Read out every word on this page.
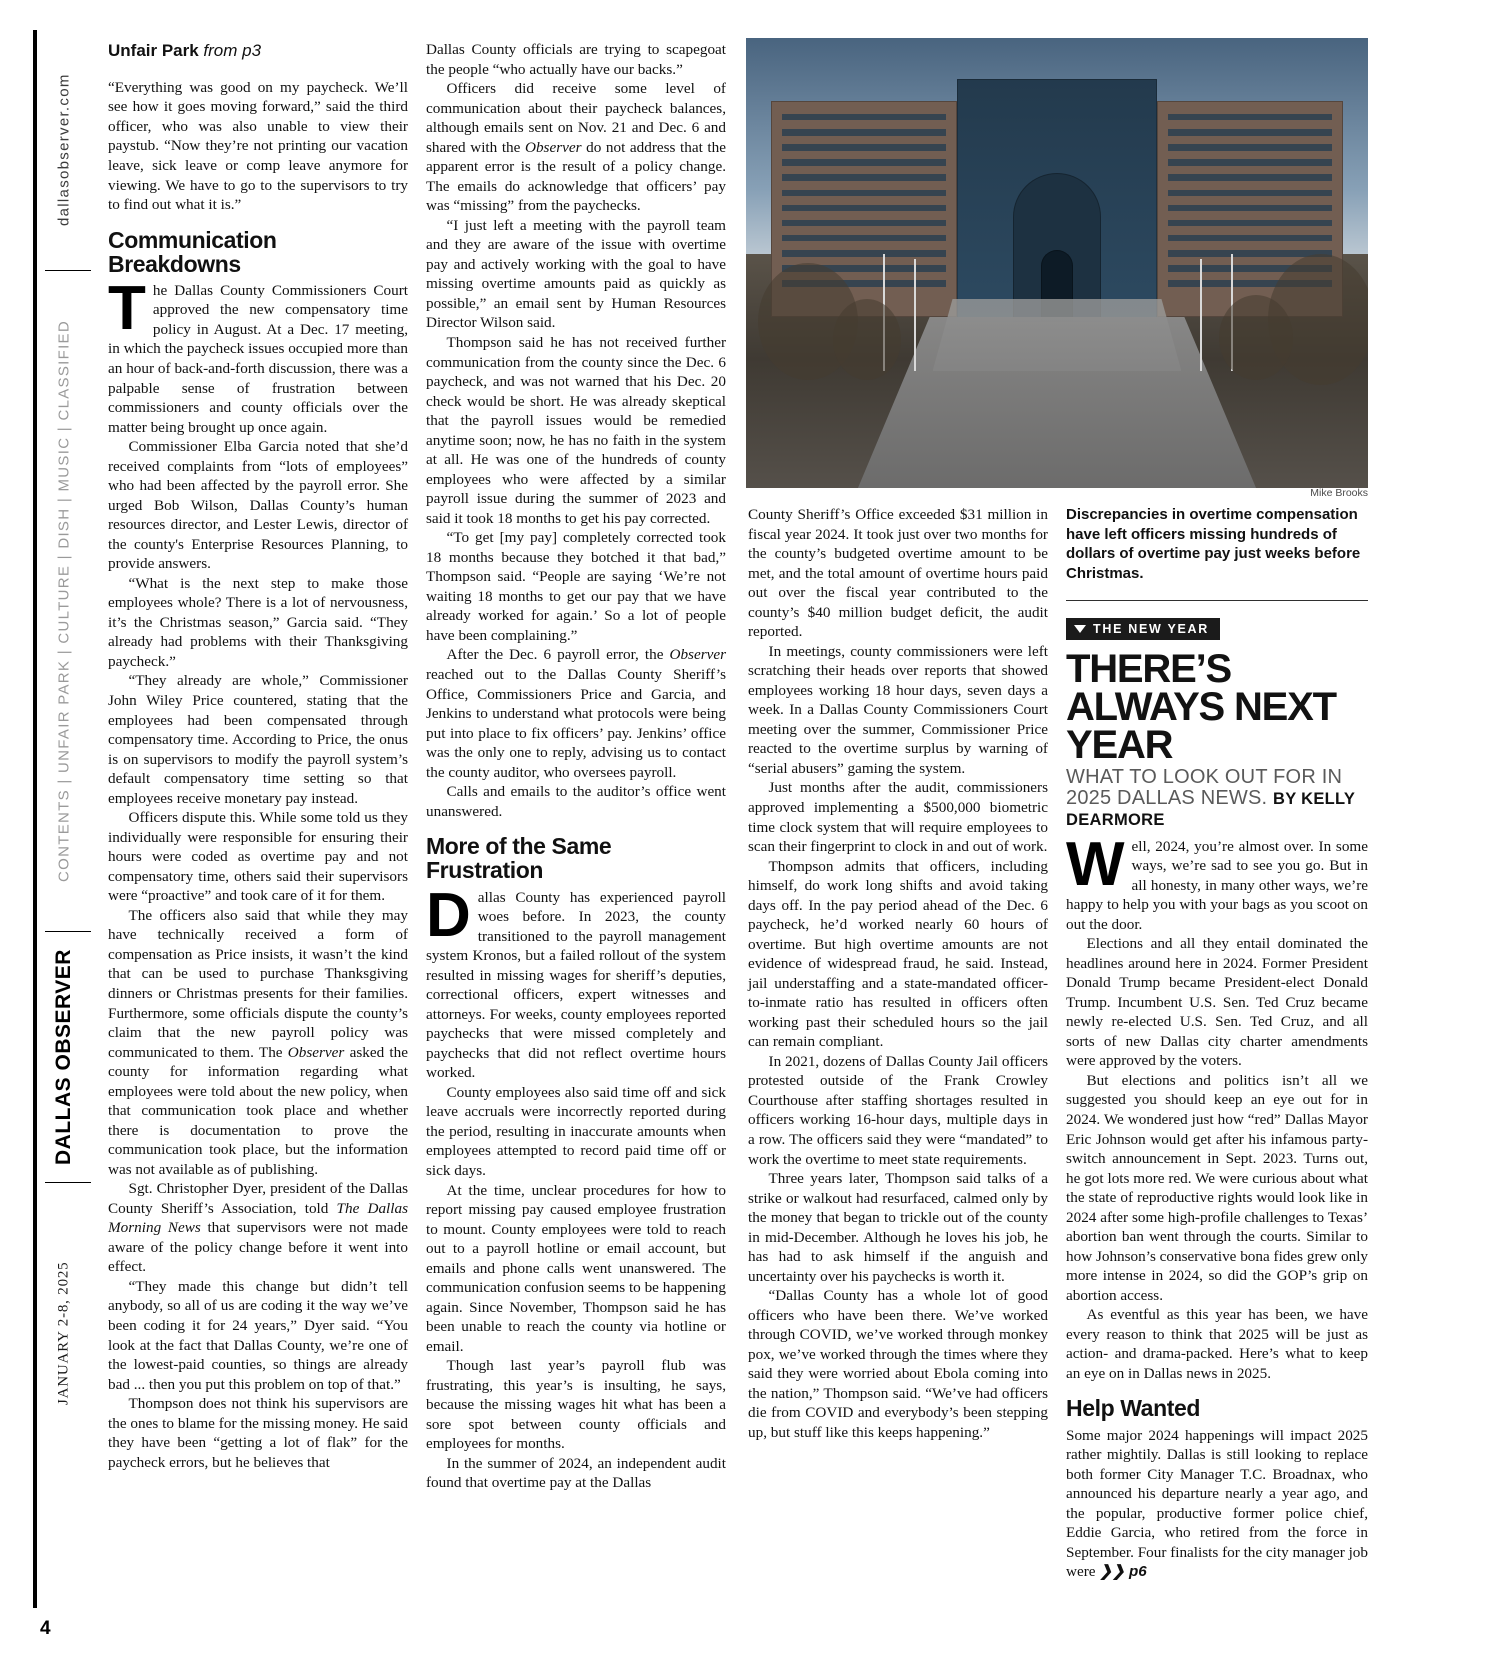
dallasobserver.com
CONTENTS | UNFAIR PARK | CULTURE | DISH | MUSIC | CLASSIFIED
DALLAS OBSERVER
JANUARY 2-8, 2025
4
Unfair Park from p3

“Everything was good on my paycheck. We’ll see how it goes moving forward,” said the third officer, who was also unable to view their paystub. “Now they’re not printing our vacation leave, sick leave or comp leave anymore for viewing. We have to go to the supervisors to try to find out what it is.”

Communication Breakdowns

The Dallas County Commissioners Court approved the new compensatory time policy in August. At a Dec. 17 meeting, in which the paycheck issues occupied more than an hour of back-and-forth discussion, there was a palpable sense of frustration between commissioners and county officials over the matter being brought up once again.

Commissioner Elba Garcia noted that she’d received complaints from “lots of employees” who had been affected by the payroll error. She urged Bob Wilson, Dallas County’s human resources director, and Lester Lewis, director of the county's Enterprise Resources Planning, to provide answers.

“What is the next step to make those employees whole? There is a lot of nervousness, it’s the Christmas season,” Garcia said. “They already had problems with their Thanksgiving paycheck.”

“They already are whole,” Commissioner John Wiley Price countered, stating that the employees had been compensated through compensatory time. According to Price, the onus is on supervisors to modify the payroll system’s default compensatory time setting so that employees receive monetary pay instead.

Officers dispute this. While some told us they individually were responsible for ensuring their hours were coded as overtime pay and not compensatory time, others said their supervisors were “proactive” and took care of it for them.

The officers also said that while they may have technically received a form of compensation as Price insists, it wasn’t the kind that can be used to purchase Thanksgiving dinners or Christmas presents for their families. Furthermore, some officials dispute the county’s claim that the new payroll policy was communicated to them. The Observer asked the county for information regarding what employees were told about the new policy, when that communication took place and whether there is documentation to prove the communication took place, but the information was not available as of publishing.

Sgt. Christopher Dyer, president of the Dallas County Sheriff’s Association, told The Dallas Morning News that supervisors were not made aware of the policy change before it went into effect.

“They made this change but didn’t tell anybody, so all of us are coding it the way we’ve been coding it for 24 years,” Dyer said. “You look at the fact that Dallas County, we’re one of the lowest-paid counties, so things are already bad ... then you put this problem on top of that.”

Thompson does not think his supervisors are the ones to blame for the missing money. He said they have been “getting a lot of flak” for the paycheck errors, but he believes that

Dallas County officials are trying to scapegoat the people “who actually have our backs.”

Officers did receive some level of communication about their paycheck balances, although emails sent on Nov. 21 and Dec. 6 and shared with the Observer do not address that the apparent error is the result of a policy change. The emails do acknowledge that officers’ pay was “missing” from the paychecks.

“I just left a meeting with the payroll team and they are aware of the issue with overtime pay and actively working with the goal to have missing overtime amounts paid as quickly as possible,” an email sent by Human Resources Director Wilson said.

Thompson said he has not received further communication from the county since the Dec. 6 paycheck, and was not warned that his Dec. 20 check would be short. He was already skeptical that the payroll issues would be remedied anytime soon; now, he has no faith in the system at all. He was one of the hundreds of county employees who were affected by a similar payroll issue during the summer of 2023 and said it took 18 months to get his pay corrected.

“To get [my pay] completely corrected took 18 months because they botched it that bad,” Thompson said. “People are saying ‘We’re not waiting 18 months to get our pay that we have already worked for again.’ So a lot of people have been complaining.”

After the Dec. 6 payroll error, the Observer reached out to the Dallas County Sheriff’s Office, Commissioners Price and Garcia, and Jenkins to understand what protocols were being put into place to fix officers’ pay. Jenkins’ office was the only one to reply, advising us to contact the county auditor, who oversees payroll.

Calls and emails to the auditor’s office went unanswered.

More of the Same Frustration

Dallas County has experienced payroll woes before. In 2023, the county transitioned to the payroll management system Kronos, but a failed rollout of the system resulted in missing wages for sheriff’s deputies, correctional officers, expert witnesses and attorneys. For weeks, county employees reported paychecks that were missed completely and paychecks that did not reflect overtime hours worked.

County employees also said time off and sick leave accruals were incorrectly reported during the period, resulting in inaccurate amounts when employees attempted to record paid time off or sick days.

At the time, unclear procedures for how to report missing pay caused employee frustration to mount. County employees were told to reach out to a payroll hotline or email account, but emails and phone calls went unanswered. The communication confusion seems to be happening again. Since November, Thompson said he has been unable to reach the county via hotline or email.

Though last year’s payroll flub was frustrating, this year’s is insulting, he says, because the missing wages hit what has been a sore spot between county officials and employees for months.

In the summer of 2024, an independent audit found that overtime pay at the Dallas

Mike Brooks
Discrepancies in overtime compensation have left officers missing hundreds of dollars of overtime pay just weeks before Christmas.

County Sheriff’s Office exceeded $31 million in fiscal year 2024. It took just over two months for the county’s budgeted overtime amount to be met, and the total amount of overtime hours paid out over the fiscal year contributed to the county’s $40 million budget deficit, the audit reported.

In meetings, county commissioners were left scratching their heads over reports that showed employees working 18 hour days, seven days a week. In a Dallas County Commissioners Court meeting over the summer, Commissioner Price reacted to the overtime surplus by warning of “serial abusers” gaming the system.

Just months after the audit, commissioners approved implementing a $500,000 biometric time clock system that will require employees to scan their fingerprint to clock in and out of work.

Thompson admits that officers, including himself, do work long shifts and avoid taking days off. In the pay period ahead of the Dec. 6 paycheck, he’d worked nearly 60 hours of overtime. But high overtime amounts are not evidence of widespread fraud, he said. Instead, jail understaffing and a state-mandated officer-to-inmate ratio has resulted in officers often working past their scheduled hours so the jail can remain compliant.

In 2021, dozens of Dallas County Jail officers protested outside of the Frank Crowley Courthouse after staffing shortages resulted in officers working 16-hour days, multiple days in a row. The officers said they were “mandated” to work the overtime to meet state requirements.

Three years later, Thompson said talks of a strike or walkout had resurfaced, calmed only by the money that began to trickle out of the county in mid-December. Although he loves his job, he has had to ask himself if the anguish and uncertainty over his paychecks is worth it.

“Dallas County has a whole lot of good officers who have been there. We’ve worked through COVID, we’ve worked through monkey pox, we’ve worked through the times where they said they were worried about Ebola coming into the nation,” Thompson said. “We’ve had officers die from COVID and everybody’s been stepping up, but stuff like this keeps happening.”

THE NEW YEAR
THERE’S ALWAYS NEXT YEAR
WHAT TO LOOK OUT FOR IN 2025 DALLAS NEWS. BY KELLY DEARMORE

Well, 2024, you’re almost over. In some ways, we’re sad to see you go. But in all honesty, in many other ways, we’re happy to help you with your bags as you scoot on out the door.

Elections and all they entail dominated the headlines around here in 2024. Former President Donald Trump became President-elect Donald Trump. Incumbent U.S. Sen. Ted Cruz became newly re-elected U.S. Sen. Ted Cruz, and all sorts of new Dallas city charter amendments were approved by the voters.

But elections and politics isn’t all we suggested you should keep an eye out for in 2024. We wondered just how “red” Dallas Mayor Eric Johnson would get after his infamous party-switch announcement in Sept. 2023. Turns out, he got lots more red. We were curious about what the state of reproductive rights would look like in 2024 after some high-profile challenges to Texas’ abortion ban went through the courts. Similar to how Johnson’s conservative bona fides grew only more intense in 2024, so did the GOP’s grip on abortion access.

As eventful as this year has been, we have every reason to think that 2025 will be just as action- and drama-packed. Here’s what to keep an eye on in Dallas news in 2025.

Help Wanted

Some major 2024 happenings will impact 2025 rather mightily. Dallas is still looking to replace both former City Manager T.C. Broadnax, who announced his departure nearly a year ago, and the popular, productive former police chief, Eddie Garcia, who retired from the force in September. Four finalists for the city manager job were ❯❯ p6
